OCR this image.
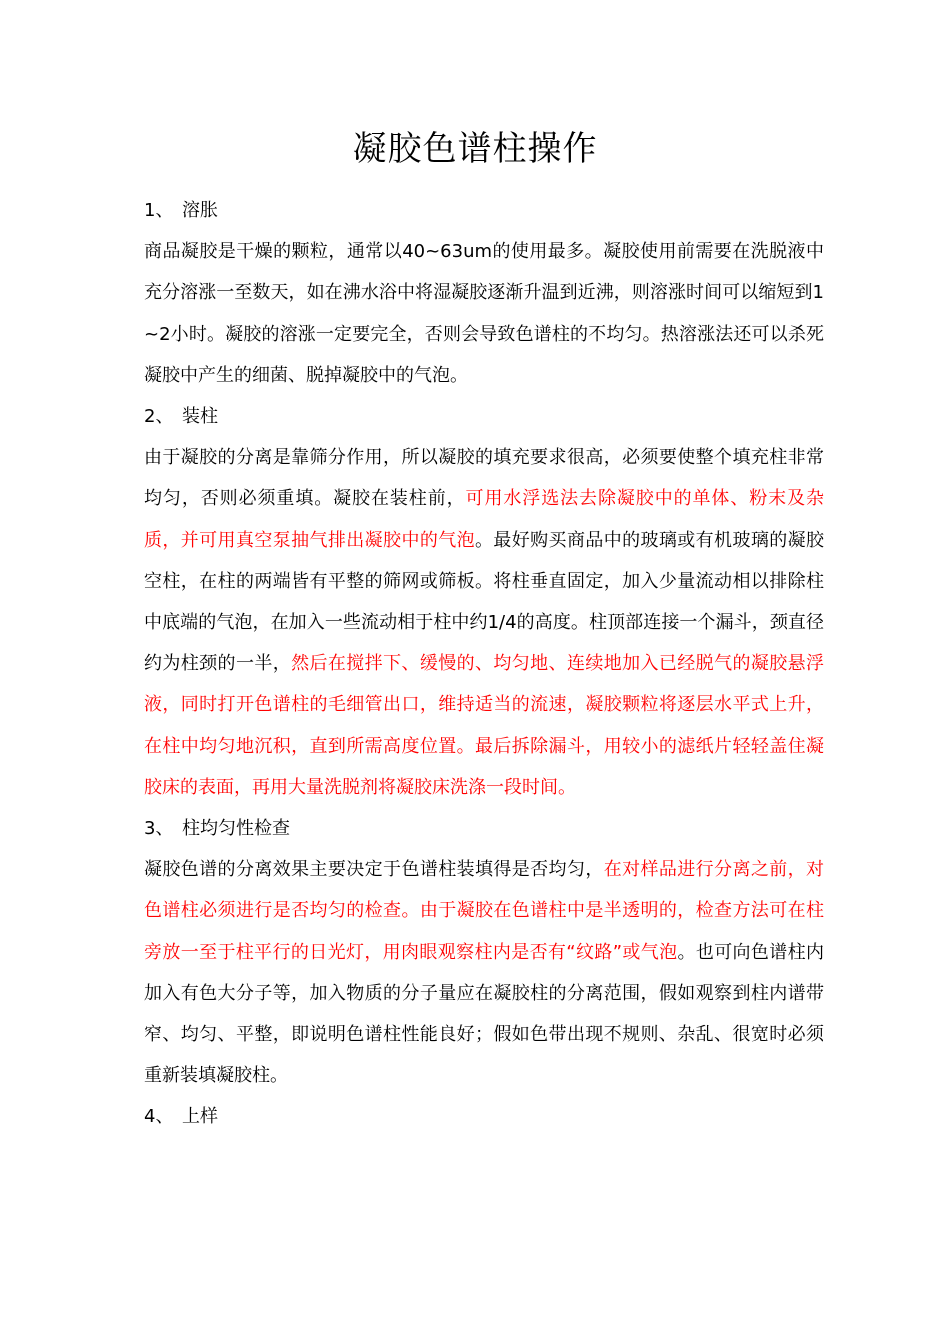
凝胶色谱柱操作
1、 溶胀

商品凝胶是干燥的颗粒，通常以40~63um的使用最多。凝胶使用前需要在洗脱液中充分溶涨一至数天，如在沸水浴中将湿凝胶逐渐升温到近沸，则溶涨时间可以缩短到1~2小时。凝胶的溶涨一定要完全，否则会导致色谱柱的不均匀。热溶涨法还可以杀死凝胶中产生的细菌、脱掉凝胶中的气泡。

2、 装柱

由于凝胶的分离是靠筛分作用，所以凝胶的填充要求很高，必须要使整个填充柱非常均匀，否则必须重填。凝胶在装柱前，可用水浮选法去除凝胶中的单体、粉末及杂质，并可用真空泵抽气排出凝胶中的气泡。最好购买商品中的玻璃或有机玻璃的凝胶空柱，在柱的两端皆有平整的筛网或筛板。将柱垂直固定，加入少量流动相以排除柱中底端的气泡，在加入一些流动相于柱中约1/4的高度。柱顶部连接一个漏斗，颈直径约为柱颈的一半，然后在搅拌下、缓慢的、均匀地、连续地加入已经脱气的凝胶悬浮液，同时打开色谱柱的毛细管出口，维持适当的流速，凝胶颗粒将逐层水平式上升，在柱中均匀地沉积，直到所需高度位置。最后拆除漏斗，用较小的滤纸片轻轻盖住凝胶床的表面，再用大量洗脱剂将凝胶床洗涤一段时间。

3、 柱均匀性检查

凝胶色谱的分离效果主要决定于色谱柱装填得是否均匀，在对样品进行分离之前，对色谱柱必须进行是否均匀的检查。由于凝胶在色谱柱中是半透明的，检查方法可在柱旁放一至于柱平行的日光灯，用肉眼观察柱内是否有“纹路”或气泡。也可向色谱柱内加入有色大分子等，加入物质的分子量应在凝胶柱的分离范围，假如观察到柱内谱带窄、均匀、平整，即说明色谱柱性能良好；假如色带出现不规则、杂乱、很宽时必须重新装填凝胶柱。

4、 上样
